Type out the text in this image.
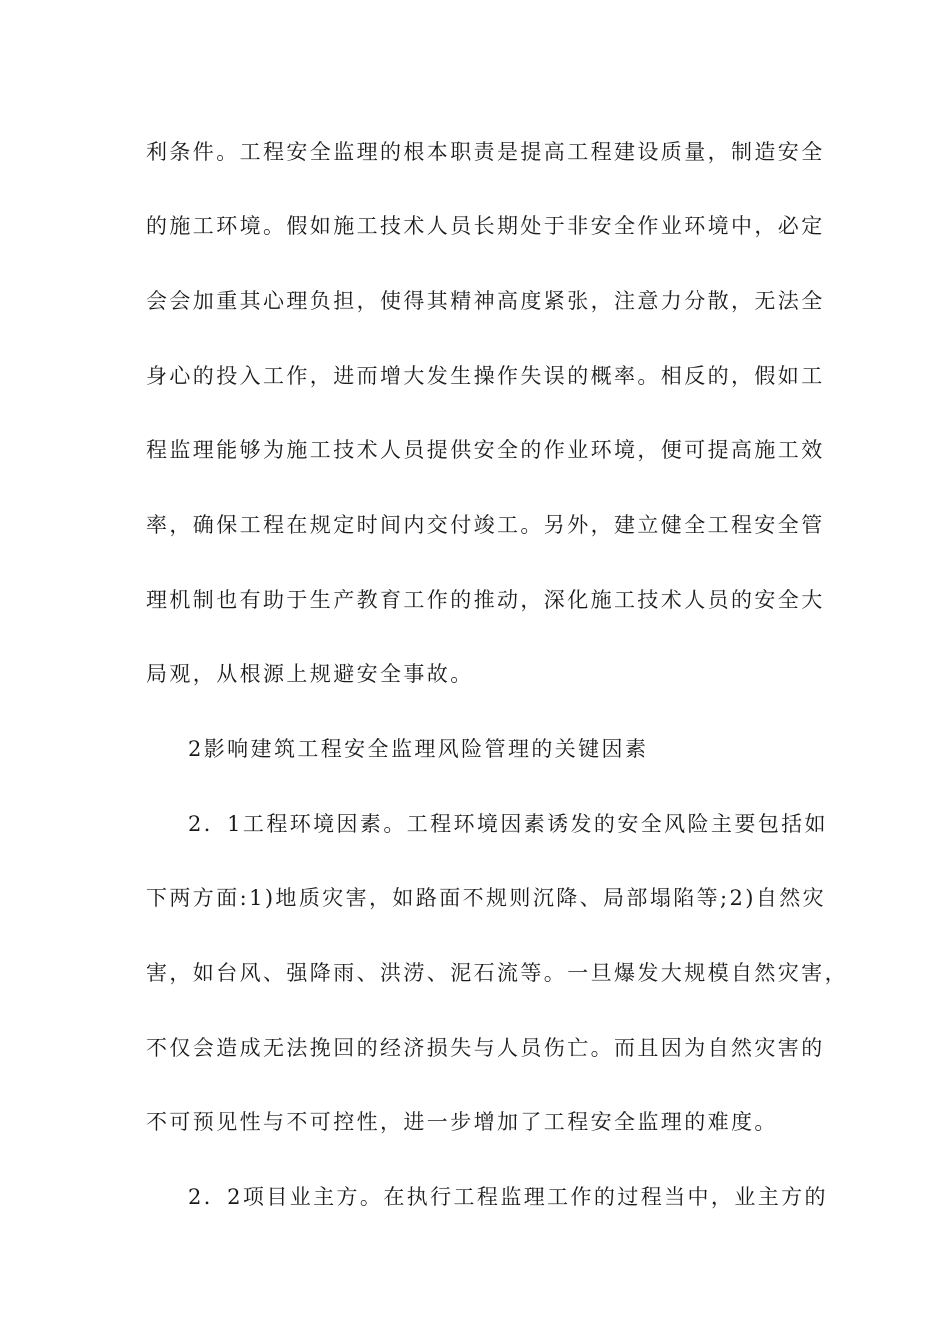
利条件。工程安全监理的根本职责是提高工程建设质量，制造安全
的施工环境。假如施工技术人员长期处于非安全作业环境中，必定
会会加重其心理负担，使得其精神高度紧张，注意力分散，无法全
身心的投入工作，进而增大发生操作失误的概率。相反的，假如工
程监理能够为施工技术人员提供安全的作业环境，便可提高施工效
率，确保工程在规定时间内交付竣工。另外，建立健全工程安全管
理机制也有助于生产教育工作的推动，深化施工技术人员的安全大
局观，从根源上规避安全事故。
2影响建筑工程安全监理风险管理的关键因素
2．1工程环境因素。工程环境因素诱发的安全风险主要包括如
下两方面:1)地质灾害，如路面不规则沉降、局部塌陷等;2)自然灾
害，如台风、强降雨、洪涝、泥石流等。一旦爆发大规模自然灾害，
不仅会造成无法挽回的经济损失与人员伤亡。而且因为自然灾害的
不可预见性与不可控性，进一步增加了工程安全监理的难度。
2．2项目业主方。在执行工程监理工作的过程当中，业主方的
